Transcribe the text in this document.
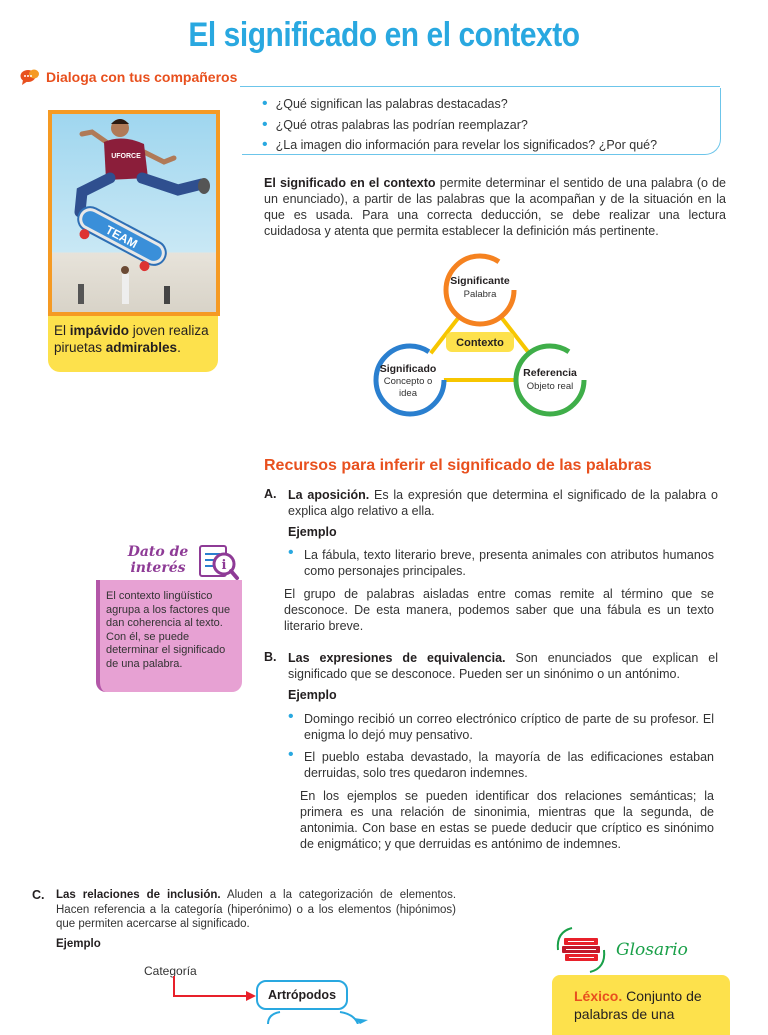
El significado en el contexto
Dialoga con tus compañeros
• ¿Qué significan las palabras destacadas?
• ¿Qué otras palabras las podrían reemplazar?
• ¿La imagen dio información para revelar los significados? ¿Por qué?
UFORCE
TEAM
El impávido joven realiza piruetas admirables.
El significado en el contexto permite determinar el sentido de una palabra (o de un enunciado), a partir de las palabras que la acompañan y de la situación en la que es usada. Para una correcta deducción, se debe realizar una lectura cuidadosa y atenta que permita establecer la definición más pertinente.
Significante
Palabra
Significado
Concepto o
idea
Referencia
Objeto real
Contexto
Recursos para inferir el significado de las palabras
A. La aposición. Es la expresión que determina el significado de la palabra o explica algo relativo a ella.
Ejemplo
• La fábula, texto literario breve, presenta animales con atributos humanos como personajes principales.
El grupo de palabras aisladas entre comas remite al término que se desconoce. De esta manera, podemos saber que una fábula es un texto literario breve.
B. Las expresiones de equivalencia. Son enunciados que explican el significado que se desconoce. Pueden ser un sinónimo o un antónimo.
Ejemplo
• Domingo recibió un correo electrónico críptico de parte de su profesor. El enigma lo dejó muy pensativo.
• El pueblo estaba devastado, la mayoría de las edificaciones estaban derruidas, solo tres quedaron indemnes.
En los ejemplos se pueden identificar dos relaciones semánticas; la primera es una relación de sinonimia, mientras que la segunda, de antonimia. Con base en estas se puede deducir que críptico es sinónimo de enigmático; y que derruidas es antónimo de indemnes.
Dato de
interés	i
El contexto lingüístico agrupa a los factores que dan coherencia al texto. Con él, se puede determinar el significado de una palabra.
C. Las relaciones de inclusión. Aluden a la categorización de elementos. Hacen referencia a la categoría (hiperónimo) o a los elementos (hipónimos) que permiten acercarse al significado.
Ejemplo
Categoría
Artrópodos
Glosario
Léxico. Conjunto de palabras de una
